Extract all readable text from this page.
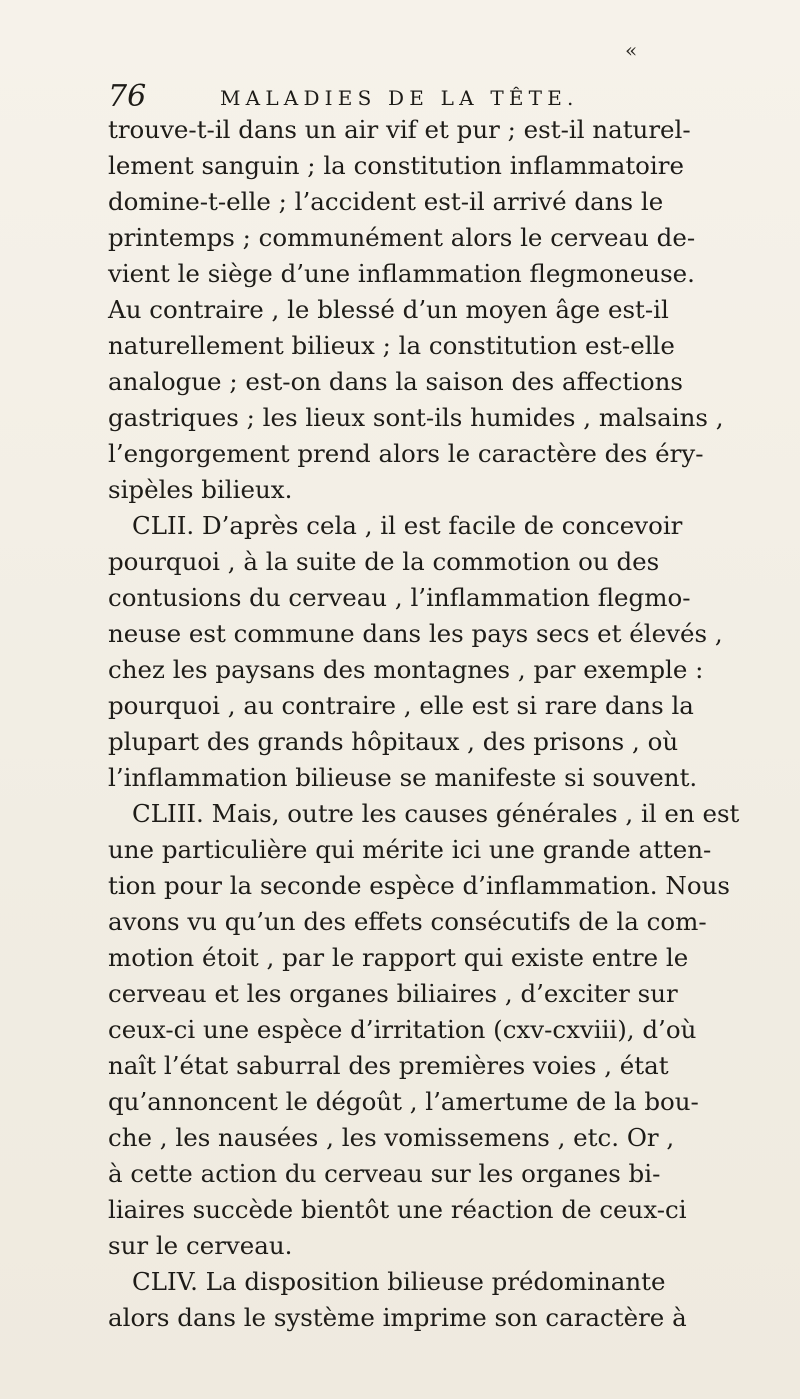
«
76	MALADIES DE LA TÊTE.
trouve-t-il dans un air vif et pur ; est-il naturel-
lement sanguin ; la constitution inflammatoire
domine-t-elle ; l’accident est-il arrivé dans le
printemps ; communément alors le cerveau de-
vient le siège d’une inflammation flegmoneuse.
Au contraire , le blessé d’un moyen âge est-il
naturellement bilieux ; la constitution est-elle
analogue ; est-on dans la saison des affections
gastriques ; les lieux sont-ils humides , malsains ,
l’engorgement prend alors le caractère des éry-
sipèles bilieux.
CLII. D’après cela , il est facile de concevoir
pourquoi , à la suite de la commotion ou des
contusions du cerveau , l’inflammation flegmo-
neuse est commune dans les pays secs et élevés ,
chez les paysans des montagnes , par exemple :
pourquoi , au contraire , elle est si rare dans la
plupart des grands hôpitaux , des prisons , où
l’inflammation bilieuse se manifeste si souvent.
CLIII. Mais, outre les causes générales , il en est
une particulière qui mérite ici une grande atten-
tion pour la seconde espèce d’inflammation. Nous
avons vu qu’un des effets consécutifs de la com-
motion étoit , par le rapport qui existe entre le
cerveau et les organes biliaires , d’exciter sur
ceux-ci une espèce d’irritation (cxv-cxviii), d’où
naît l’état saburral des premières voies , état
qu’annoncent le dégoût , l’amertume de la bou-
che , les nausées , les vomissemens , etc. Or ,
à cette action du cerveau sur les organes bi-
liaires succède bientôt une réaction de ceux-ci
sur le cerveau.
CLIV. La disposition bilieuse prédominante
alors dans le système imprime son caractère à
